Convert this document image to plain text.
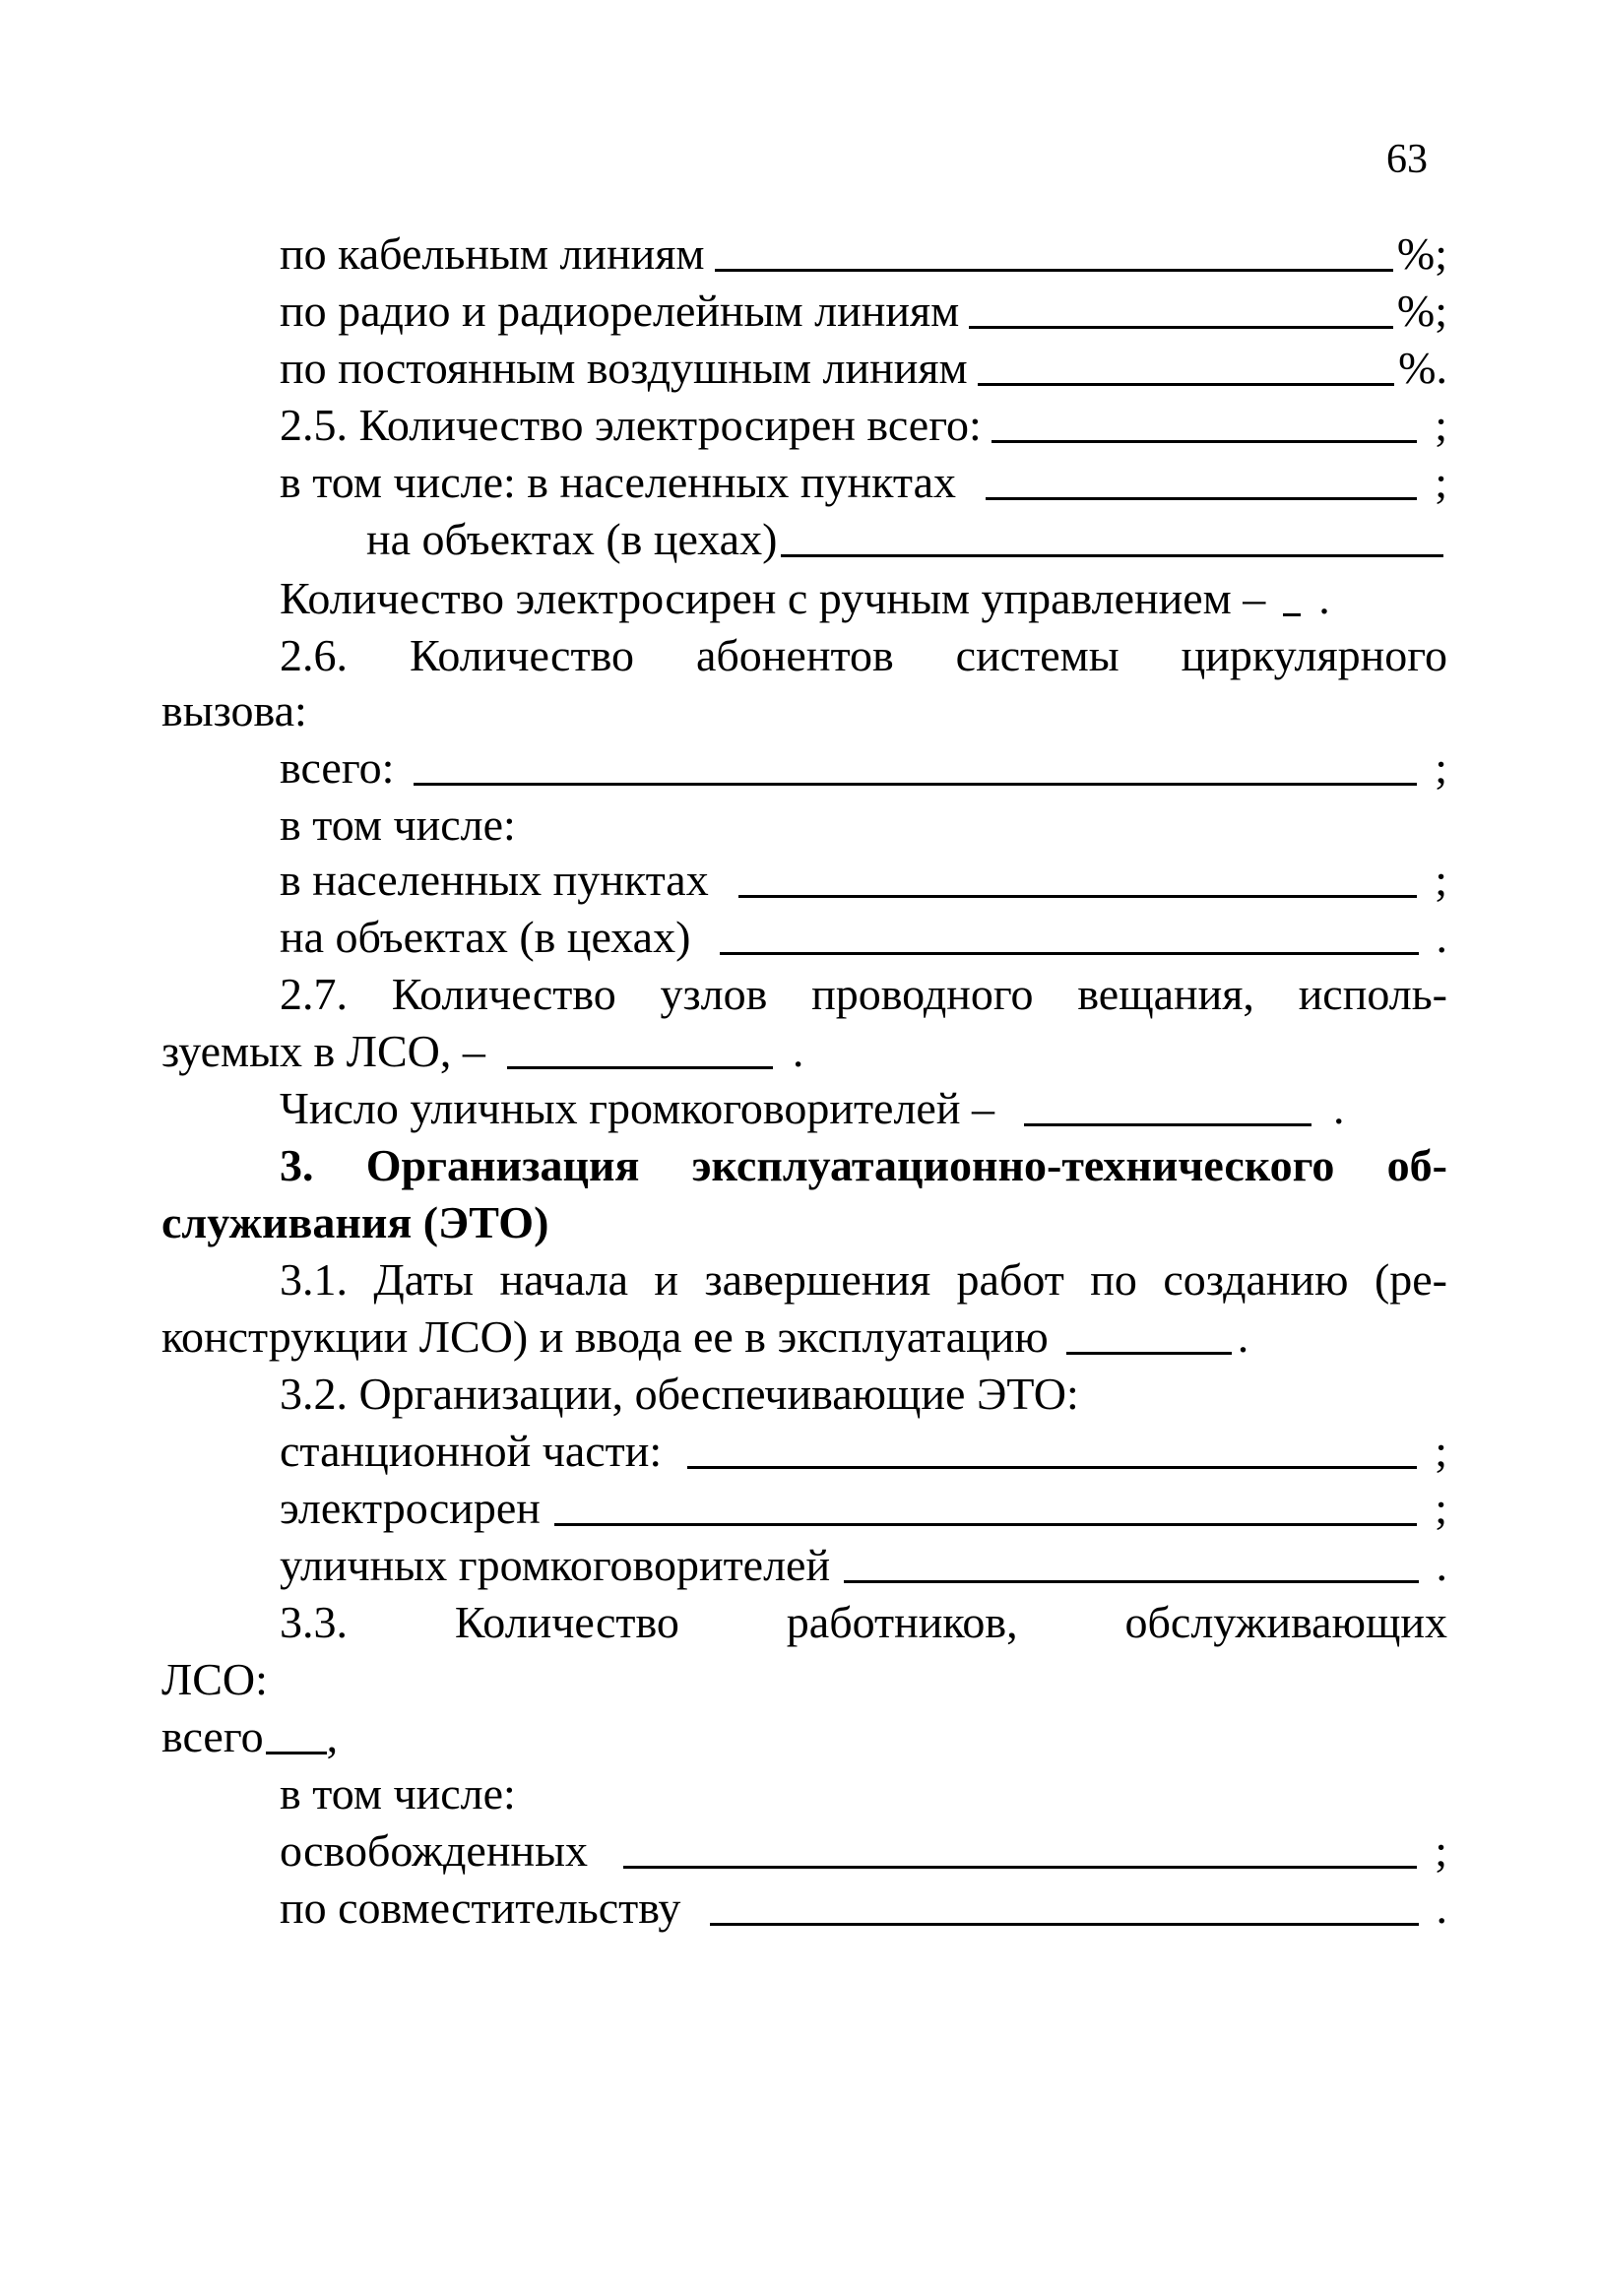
63
по кабельным линиям	%;
по радио и радиорелейным линиям	%;
по постоянным воздушным линиям	%.
2.5. Количество электросирен всего:	;
в том числе: в населенных пунктах	;
на объектах (в цехах)
Количество электросирен с ручным управлением – .
2.6. Количество абонентов системы циркулярного
вызова:
всего:	;
в том числе:
в населенных пунктах	;
на объектах (в цехах)	.
2.7. Количество узлов проводного вещания, исполь-
зуемых в ЛСО, –	.
Число уличных громкоговорителей –	.
3. Организация эксплуатационно-технического об-
служивания (ЭТО)
3.1. Даты начала и завершения работ по созданию (ре-
конструкции ЛСО) и ввода ее в эксплуатацию	.
3.2. Организации, обеспечивающие ЭТО:
станционной части:	;
электросирен	;
уличных громкоговорителей	.
3.3. Количество работников, обслуживающих
ЛСО:
всего ,
в том числе:
освобожденных	;
по совместительству	.
